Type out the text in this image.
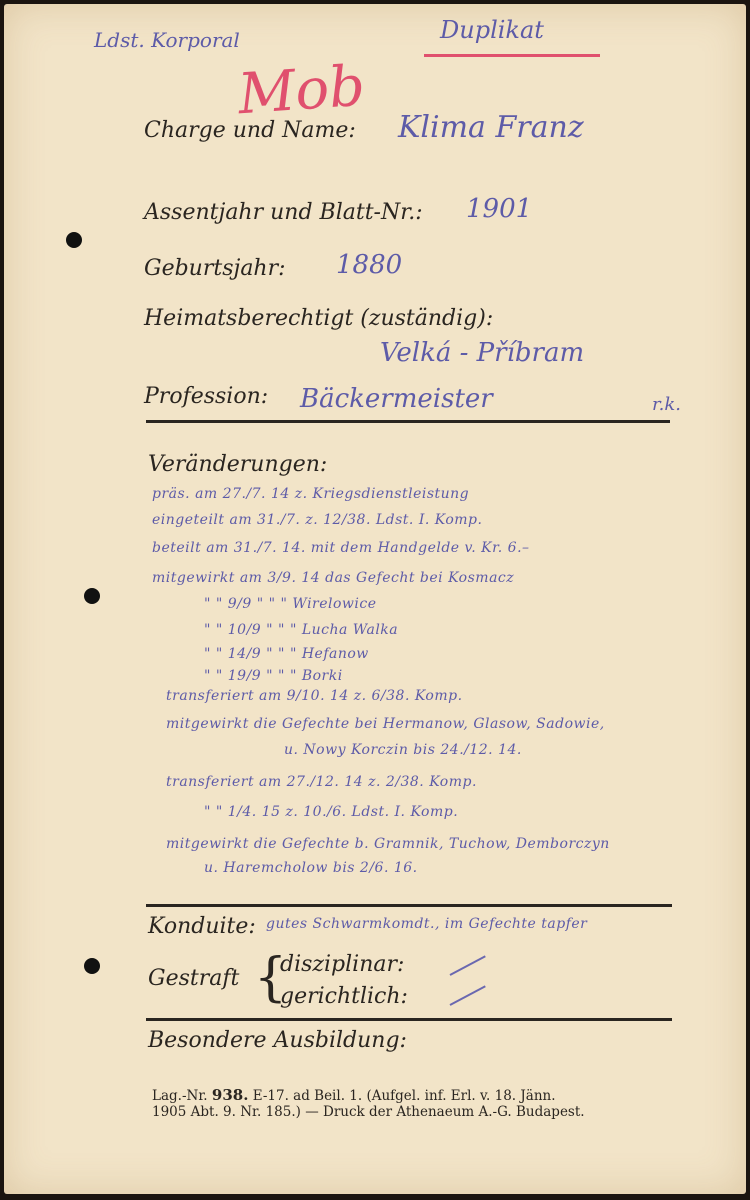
Ldst. Korporal	Duplikat
Mob
Charge und Name: Klima Franz
Assentjahr und Blatt-Nr.: 1901
Geburtsjahr: 1880
Heimatsberechtigt (zuständig):
Velká - Příbram
Profession: Bäckermeister	r.k.
Veränderungen:
präs. am 27./7. 14 z. Kriegsdienstleistung
eingeteilt am 31./7. z. 12/38. Ldst. I. Komp.
beteilt am 31./7. 14. mit dem Handgelde v. Kr. 6.–
mitgewirkt am 3/9. 14 das Gefecht bei Kosmacz
" " 9/9 " " " Wirelowice
" " 10/9 " " " Lucha Walka
" " 14/9 " " " Hefanow
" " 19/9 " " " Borki
transferiert am 9/10. 14 z. 6/38. Komp.
mitgewirkt die Gefechte bei Hermanow, Glasow, Sadowie,
u. Nowy Korczin bis 24./12. 14.
transferiert am 27./12. 14 z. 2/38. Komp.
" " 1/4. 15 z. 10./6. Ldst. I. Komp.
mitgewirkt die Gefechte b. Gramnik, Tuchow, Demborczyn
u. Haremcholow bis 2/6. 16.
Konduite: gutes Schwarmkomdt., im Gefechte tapfer
Gestraft {
disziplinar:
gerichtlich:
Besondere Ausbildung:
Lag.-Nr. 938. E-17. ad Beil. 1. (Aufgel. inf. Erl. v. 18. Jänn.
1905 Abt. 9. Nr. 185.) — Druck der Athenaeum A.-G. Budapest.
